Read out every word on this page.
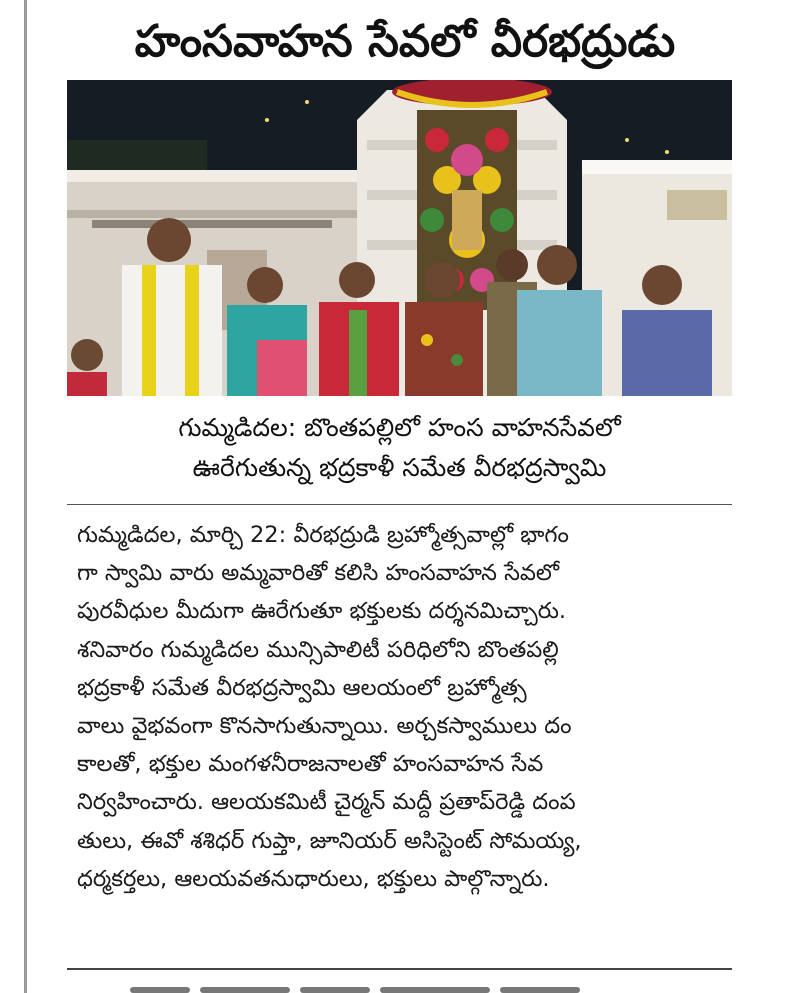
హంసవాహన సేవలో వీరభద్రుడు
గుమ్మడిదల: బొంతపల్లిలో హంస వాహనసేవలో
ఊరేగుతున్న భద్రకాళీ సమేత వీరభద్రస్వామి
గుమ్మడిదల, మార్చి 22: వీరభద్రుడి బ్రహ్మోత్సవాల్లో భాగం
గా స్వామి వారు అమ్మవారితో కలిసి హంసవాహన సేవలో
పురవీధుల మీదుగా ఊరేగుతూ భక్తులకు దర్శనమిచ్చారు.
శనివారం గుమ్మడిదల మున్సిపాలిటీ పరిధిలోని బొంతపల్లి
భద్రకాళీ సమేత వీరభద్రస్వామి ఆలయంలో బ్రహ్మోత్స
వాలు వైభవంగా కొనసాగుతున్నాయి. అర్చకస్వాములు దం
కాలతో, భక్తుల మంగళనీరాజనాలతో హంసవాహన సేవ
నిర్వహించారు. ఆలయకమిటీ చైర్మన్ మద్దీ ప్రతాప్‌రెడ్డి దంప
తులు, ఈవో శశిధర్ గుప్తా, జూనియర్ అసిస్టెంట్ సోమయ్య,
ధర్మకర్తలు, ఆలయవతనుధారులు, భక్తులు పాల్గొన్నారు.
